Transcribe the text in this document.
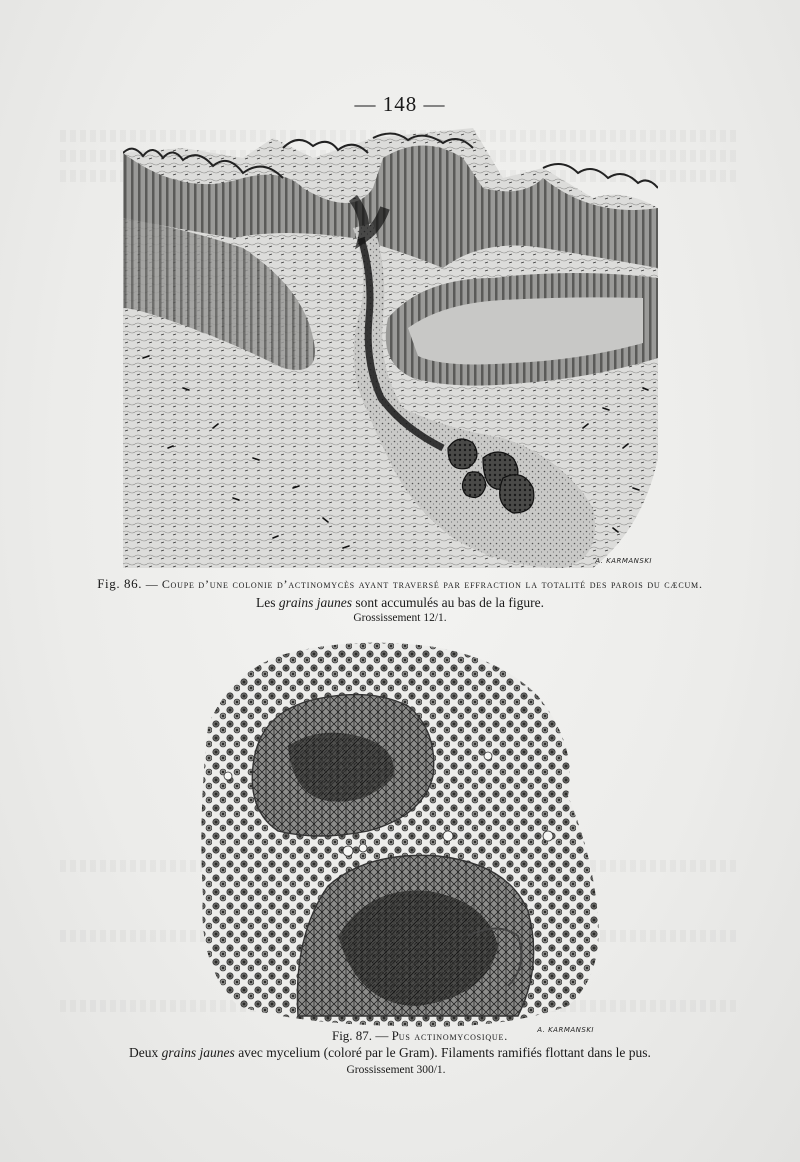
— 148 —
A. KARMANSKI
Fig. 86. — Coupe d’une colonie d’actinomycès ayant traversé par effraction la totalité des parois du cæcum.
Les grains jaunes sont accumulés au bas de la figure.
Grossissement 12/1.
A. KARMANSKI
Fig. 87. — Pus actinomycosique.
Deux grains jaunes avec mycelium (coloré par le Gram). Filaments ramifiés flottant dans le pus.
Grossissement 300/1.
